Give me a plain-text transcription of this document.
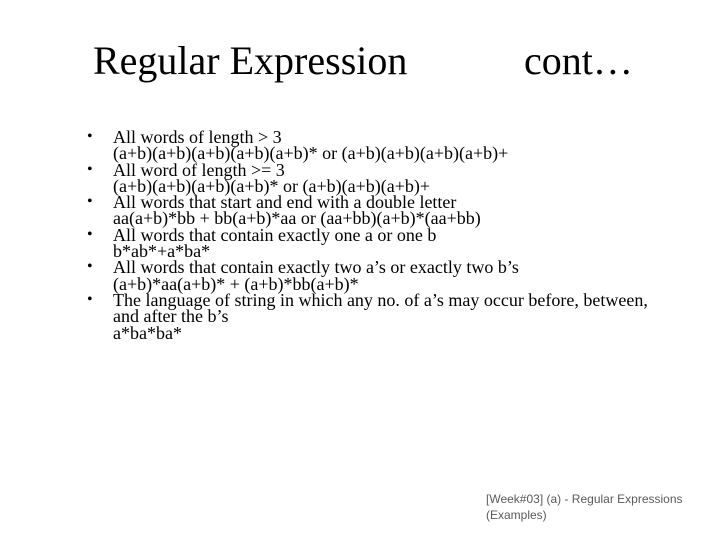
Regular Expression	cont…
• All words of length > 3
(a+b)(a+b)(a+b)(a+b)(a+b)* or (a+b)(a+b)(a+b)(a+b)+
• All word of length >= 3
(a+b)(a+b)(a+b)(a+b)* or (a+b)(a+b)(a+b)+
• All words that start and end with a double letter
aa(a+b)*bb + bb(a+b)*aa or (aa+bb)(a+b)*(aa+bb)
• All words that contain exactly one a or one b
b*ab*+a*ba*
• All words that contain exactly two a’s or exactly two b’s
(a+b)*aa(a+b)* + (a+b)*bb(a+b)*
• The language of string in which any no. of a’s may occur before, between,
and after the b’s
a*ba*ba*
[Week#03] (a) - Regular Expressions
(Examples)
